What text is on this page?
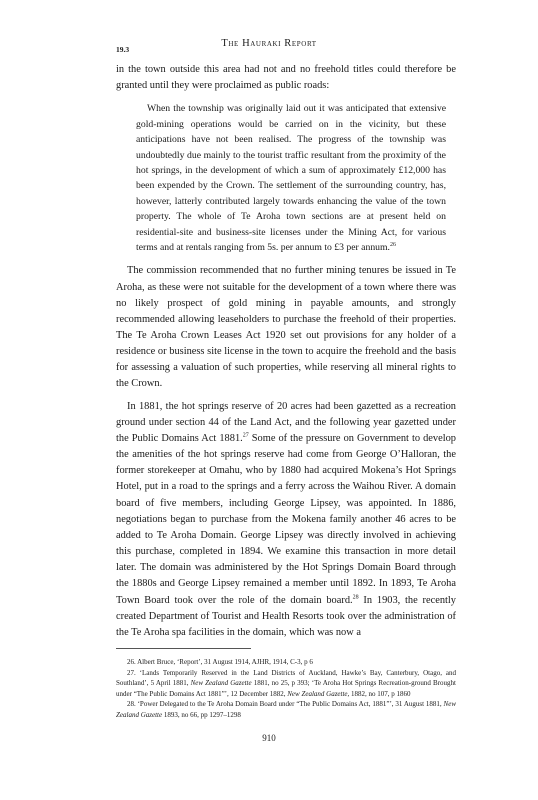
19.3
The Hauraki Report

in the town outside this area had not and no freehold titles could therefore be granted until they were proclaimed as public roads:

When the township was originally laid out it was anticipated that extensive gold-mining operations would be carried on in the vicinity, but these anticipations have not been realised. The progress of the township was undoubtedly due mainly to the tourist traffic resultant from the proximity of the hot springs, in the development of which a sum of approximately £12,000 has been expended by the Crown. The settlement of the surrounding country, has, however, latterly contributed largely towards enhancing the value of the town property. The whole of Te Aroha town sections are at present held on residential-site and business-site licenses under the Mining Act, for various terms and at rentals ranging from 5s. per annum to £3 per annum.$^{26}$

The commission recommended that no further mining tenures be issued in Te Aroha, as these were not suitable for the development of a town where there was no likely prospect of gold mining in payable amounts, and strongly recommended allowing leaseholders to purchase the freehold of their properties. The Te Aroha Crown Leases Act 1920 set out provisions for any holder of a residence or business site license in the town to acquire the freehold and the basis for assessing a valuation of such properties, while reserving all mineral rights to the Crown.

In 1881, the hot springs reserve of 20 acres had been gazetted as a recreation ground under section 44 of the Land Act, and the following year gazetted under the Public Domains Act 1881.27 Some of the pressure on Government to develop the amenities of the hot springs reserve had come from George O’Halloran, the former storekeeper at Omahu, who by 1880 had acquired Mokena’s Hot Springs Hotel, put in a road to the springs and a ferry across the Waihou River. A domain board of five members, including George Lipsey, was appointed. In 1886, negotiations began to purchase from the Mokena family another 46 acres to be added to Te Aroha Domain. George Lipsey was directly involved in achieving this purchase, completed in 1894. We examine this transaction in more detail later. The domain was administered by the Hot Springs Domain Board through the 1880s and George Lipsey remained a member until 1892. In 1893, Te Aroha Town Board took over the role of the domain board.$^{28}$ In 1903, the recently created Department of Tourist and Health Resorts took over the administration of the Te Aroha spa facilities in the domain, which was now a

26. Albert Bruce, ‘Report’, 31 August 1914, AJHR, 1914, C-3, p 6

27. ‘Lands Temporarily Reserved in the Land Districts of Auckland, Hawke’s Bay, Canterbury, Otago, and Southland’, 5 April 1881, New Zealand Gazette 1881, no 25, p 393; ‘Te Aroha Hot Springs Recreation-ground Brought under “The Public Domains Act 1881”’, 12 December 1882, New Zealand Gazette, 1882, no 107, p 1860

28. ‘Power Delegated to the Te Aroha Domain Board under “The Public Domains Act, 1881”’, 31 August 1881, New Zealand Gazette 1893, no 66, pp 1297–1298

910
